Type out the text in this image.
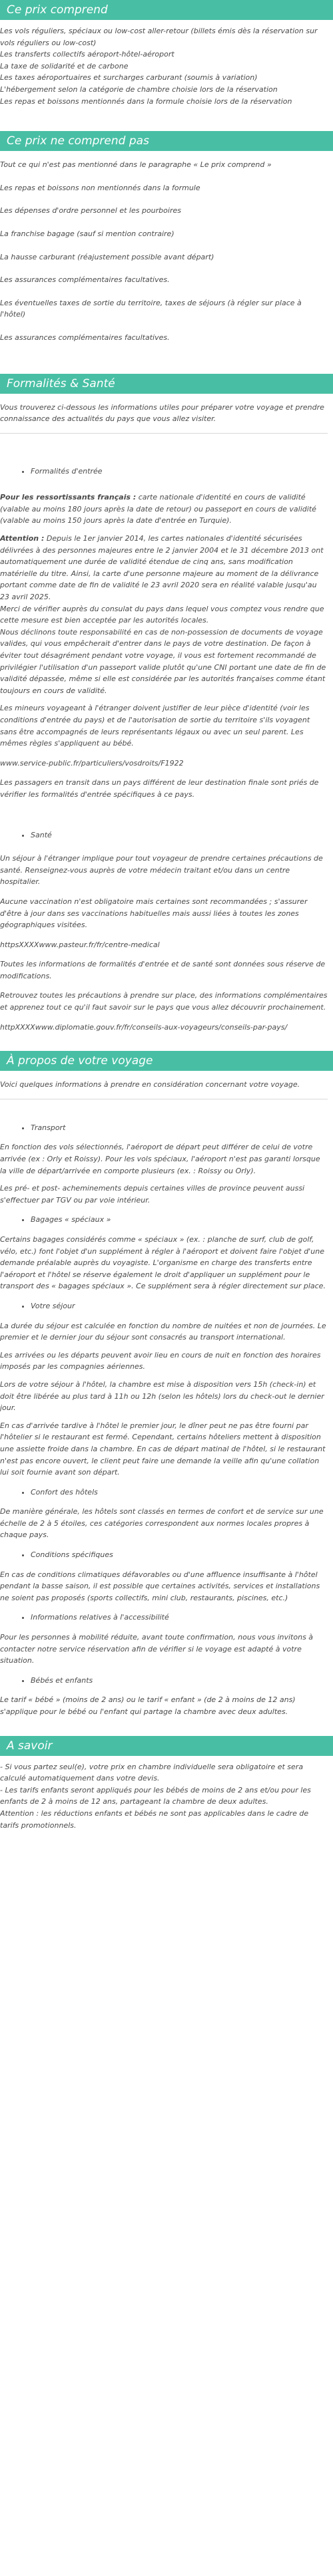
Ce prix comprend

Les vols réguliers, spéciaux ou low-cost aller-retour (billets émis dès la réservation sur vols réguliers ou low-cost)

Les transferts collectifs aéroport-hôtel-aéroport

La taxe de solidarité et de carbone

Les taxes aéroportuaires et surcharges carburant (soumis à variation)

L'hébergement selon la catégorie de chambre choisie lors de la réservation

Les repas et boissons mentionnés dans la formule choisie lors de la réservation

Ce prix ne comprend pas

Tout ce qui n'est pas mentionné dans le paragraphe « Le prix comprend »

Les repas et boissons non mentionnés dans la formule

Les dépenses d'ordre personnel et les pourboires

La franchise bagage (sauf si mention contraire)

La hausse carburant (réajustement possible avant départ)

Les assurances complémentaires facultatives.

Les éventuelles taxes de sortie du territoire, taxes de séjours (à régler sur place à l'hôtel)

Les assurances complémentaires facultatives.

Formalités & Santé

Vous trouverez ci-dessous les informations utiles pour préparer votre voyage et prendre connaissance des actualités du pays que vous allez visiter.

• Formalités d'entrée

Pour les ressortissants français : carte nationale d'identité en cours de validité (valable au moins 180 jours après la date de retour) ou passeport en cours de validité (valable au moins 150 jours après la date d'entrée en Turquie).

Attention : Depuis le 1er janvier 2014, les cartes nationales d'identité sécurisées délivrées à des personnes majeures entre le 2 janvier 2004 et le 31 décembre 2013 ont automatiquement une durée de validité étendue de cinq ans, sans modification matérielle du titre. Ainsi, la carte d'une personne majeure au moment de la délivrance portant comme date de fin de validité le 23 avril 2020 sera en réalité valable jusqu'au 23 avril 2025.

Merci de vérifier auprès du consulat du pays dans lequel vous comptez vous rendre que cette mesure est bien acceptée par les autorités locales.

Nous déclinons toute responsabilité en cas de non-possession de documents de voyage valides, qui vous empêcherait d'entrer dans le pays de votre destination. De façon à éviter tout désagrément pendant votre voyage, il vous est fortement recommandé de privilégier l'utilisation d'un passeport valide plutôt qu'une CNI portant une date de fin de validité dépassée, même si elle est considérée par les autorités françaises comme étant toujours en cours de validité.

Les mineurs voyageant à l'étranger doivent justifier de leur pièce d'identité (voir les conditions d'entrée du pays) et de l'autorisation de sortie du territoire s'ils voyagent sans être accompagnés de leurs représentants légaux ou avec un seul parent. Les mêmes règles s'appliquent au bébé.

www.service-public.fr/particuliers/vosdroits/F1922

Les passagers en transit dans un pays différent de leur destination finale sont priés de vérifier les formalités d'entrée spécifiques à ce pays.

• Santé

Un séjour à l'étranger implique pour tout voyageur de prendre certaines précautions de santé. Renseignez-vous auprès de votre médecin traitant et/ou dans un centre hospitalier.

Aucune vaccination n'est obligatoire mais certaines sont recommandées ; s'assurer d'être à jour dans ses vaccinations habituelles mais aussi liées à toutes les zones géographiques visitées.

httpsXXXXwww.pasteur.fr/fr/centre-medical

Toutes les informations de formalités d'entrée et de santé sont données sous réserve de modifications.

Retrouvez toutes les précautions à prendre sur place, des informations complémentaires et apprenez tout ce qu'il faut savoir sur le pays que vous allez découvrir prochainement.

httpXXXXwww.diplomatie.gouv.fr/fr/conseils-aux-voyageurs/conseils-par-pays/

À propos de votre voyage

Voici quelques informations à prendre en considération concernant votre voyage.

• Transport

En fonction des vols sélectionnés, l'aéroport de départ peut différer de celui de votre arrivée (ex : Orly et Roissy). Pour les vols spéciaux, l'aéroport n'est pas garanti lorsque la ville de départ/arrivée en comporte plusieurs (ex. : Roissy ou Orly).

Les pré- et post- acheminements depuis certaines villes de province peuvent aussi s'effectuer par TGV ou par voie intérieur.

• Bagages « spéciaux »

Certains bagages considérés comme « spéciaux » (ex. : planche de surf, club de golf, vélo, etc.) font l'objet d'un supplément à régler à l'aéroport et doivent faire l'objet d'une demande préalable auprès du voyagiste. L'organisme en charge des transferts entre l'aéroport et l'hôtel se réserve également le droit d'appliquer un supplément pour le transport des « bagages spéciaux ». Ce supplément sera à régler directement sur place.

• Votre séjour

La durée du séjour est calculée en fonction du nombre de nuitées et non de journées. Le premier et le dernier jour du séjour sont consacrés au transport international.

Les arrivées ou les départs peuvent avoir lieu en cours de nuit en fonction des horaires imposés par les compagnies aériennes.

Lors de votre séjour à l'hôtel, la chambre est mise à disposition vers 15h (check-in) et doit être libérée au plus tard à 11h ou 12h (selon les hôtels) lors du check-out le dernier jour.

En cas d'arrivée tardive à l'hôtel le premier jour, le dîner peut ne pas être fourni par l'hôtelier si le restaurant est fermé. Cependant, certains hôteliers mettent à disposition une assiette froide dans la chambre. En cas de départ matinal de l'hôtel, si le restaurant n'est pas encore ouvert, le client peut faire une demande la veille afin qu'une collation lui soit fournie avant son départ.

• Confort des hôtels

De manière générale, les hôtels sont classés en termes de confort et de service sur une échelle de 2 à 5 étoiles, ces catégories correspondent aux normes locales propres à chaque pays.

• Conditions spécifiques

En cas de conditions climatiques défavorables ou d'une affluence insuffisante à l'hôtel pendant la basse saison, il est possible que certaines activités, services et installations ne soient pas proposés (sports collectifs, mini club, restaurants, piscines, etc.)

• Informations relatives à l'accessibilité

Pour les personnes à mobilité réduite, avant toute confirmation, nous vous invitons à contacter notre service réservation afin de vérifier si le voyage est adapté à votre situation.

• Bébés et enfants

Le tarif « bébé » (moins de 2 ans) ou le tarif « enfant » (de 2 à moins de 12 ans) s'applique pour le bébé ou l'enfant qui partage la chambre avec deux adultes.

A savoir

- Si vous partez seul(e), votre prix en chambre individuelle sera obligatoire et sera calculé automatiquement dans votre devis.

- Les tarifs enfants seront appliqués pour les bébés de moins de 2 ans et/ou pour les enfants de 2 à moins de 12 ans, partageant la chambre de deux adultes.

Attention : les réductions enfants et bébés ne sont pas applicables dans le cadre de tarifs promotionnels.
